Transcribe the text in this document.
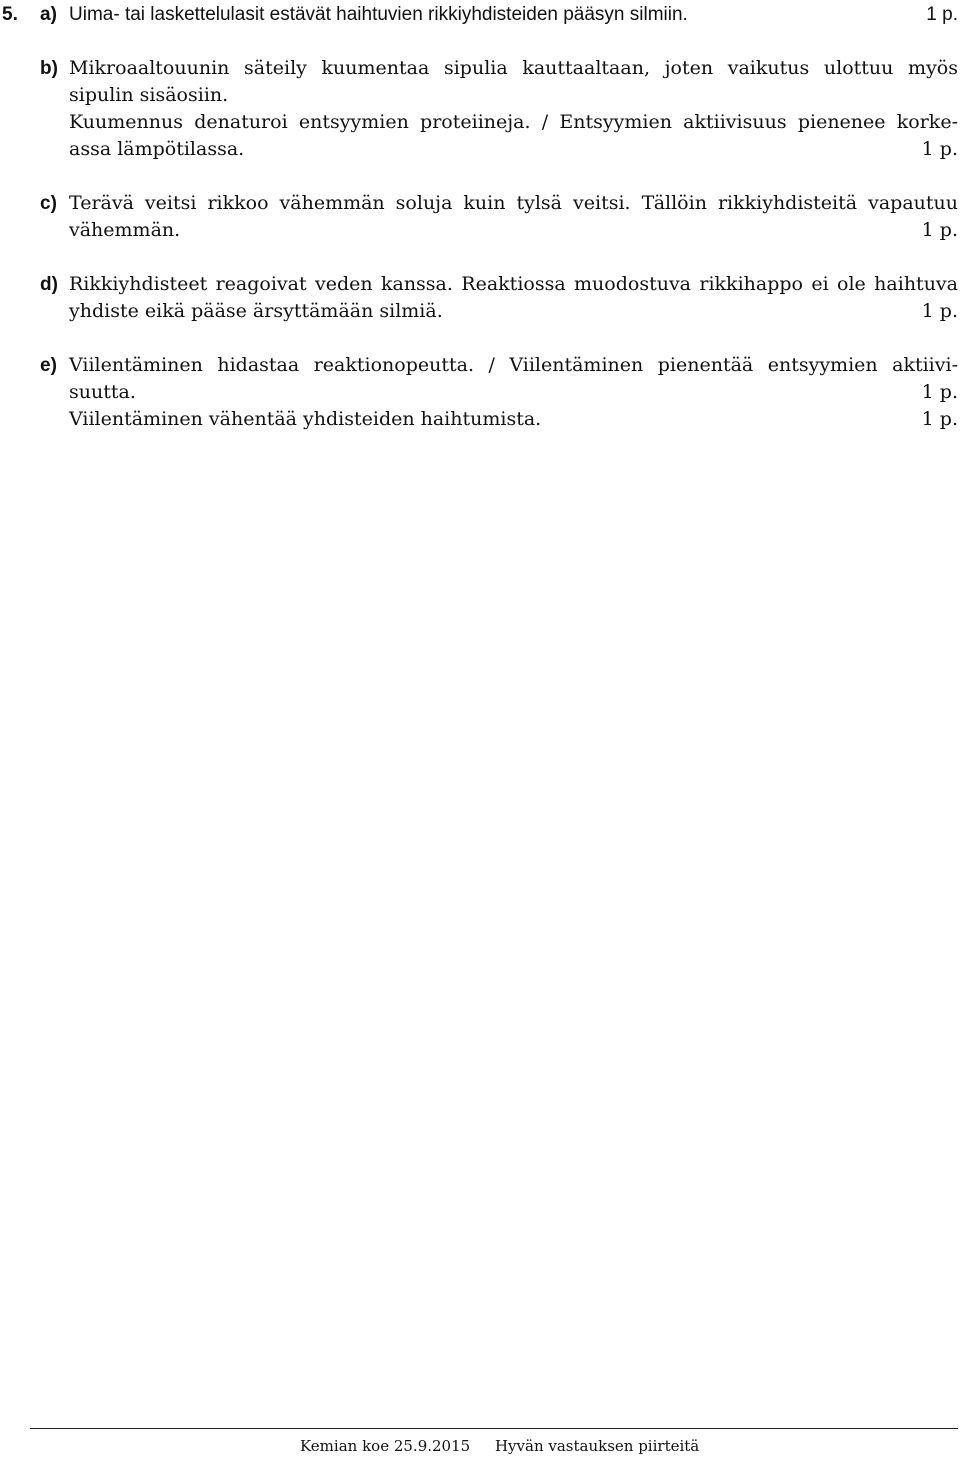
5. a) Uima- tai laskettelulasit estävät haihtuvien rikkiyhdisteiden pääsyn silmiin.	1 p.
b) Mikroaaltouunin säteily kuumentaa sipulia kauttaaltaan, joten vaikutus ulottuu myös
sipulin sisäosiin.
Kuumennus denaturoi entsyymien proteiineja. / Entsyymien aktiivisuus pienenee korke-
assa lämpötilassa.	1 p.
c) Terävä veitsi rikkoo vähemmän soluja kuin tylsä veitsi. Tällöin rikkiyhdisteitä vapautuu
vähemmän.	1 p.
d) Rikkiyhdisteet reagoivat veden kanssa. Reaktiossa muodostuva rikkihappo ei ole haihtuva
yhdiste eikä pääse ärsyttämään silmiä.	1 p.
e) Viilentäminen hidastaa reaktionopeutta. / Viilentäminen pienentää entsyymien aktiivi-
suutta.	1 p.
Viilentäminen vähentää yhdisteiden haihtumista.	1 p.
Kemian koe 25.9.2015 Hyvän vastauksen piirteitä
